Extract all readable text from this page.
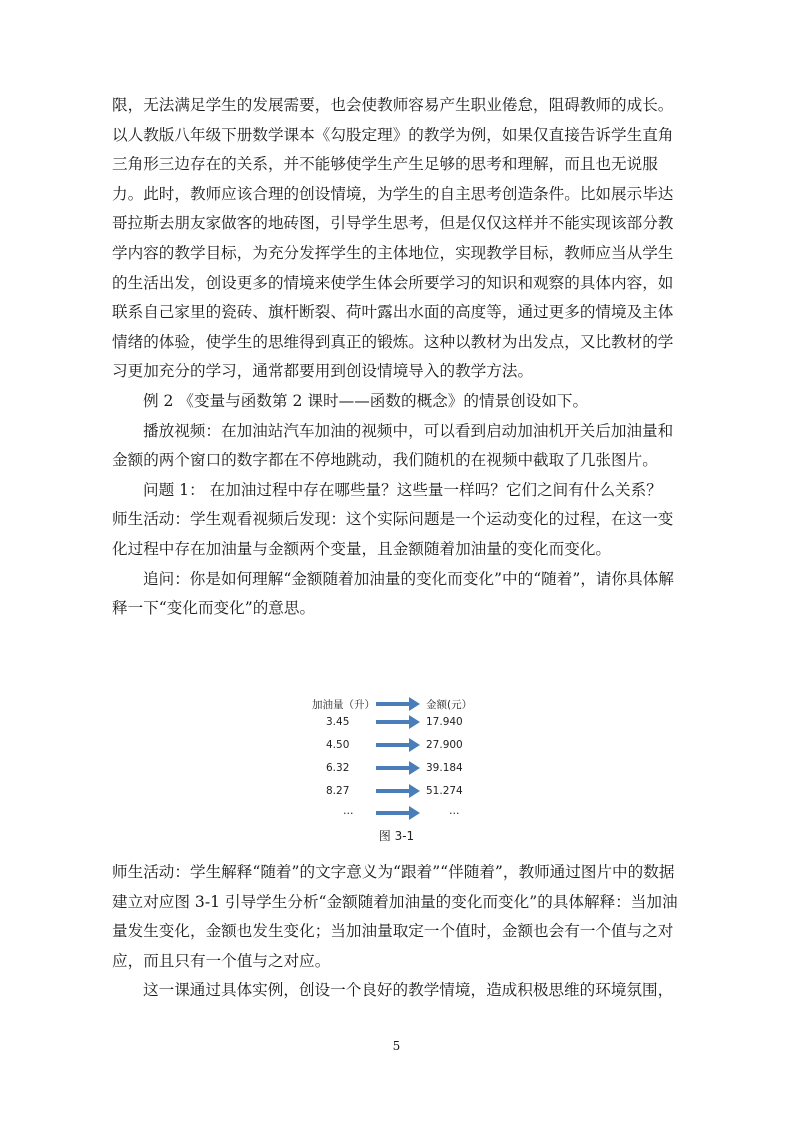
限，无法满足学生的发展需要，也会使教师容易产生职业倦怠，阻碍教师的成长。以人教版八年级下册数学课本《勾股定理》的教学为例，如果仅直接告诉学生直角三角形三边存在的关系，并不能够使学生产生足够的思考和理解，而且也无说服力。此时，教师应该合理的创设情境，为学生的自主思考创造条件。比如展示毕达哥拉斯去朋友家做客的地砖图，引导学生思考，但是仅仅这样并不能实现该部分教学内容的教学目标，为充分发挥学生的主体地位，实现教学目标，教师应当从学生的生活出发，创设更多的情境来使学生体会所要学习的知识和观察的具体内容，如联系自己家里的瓷砖、旗杆断裂、荷叶露出水面的高度等，通过更多的情境及主体情绪的体验，使学生的思维得到真正的锻炼。这种以教材为出发点，又比教材的学习更加充分的学习，通常都要用到创设情境导入的教学方法。

例 2 《变量与函数第 2 课时——函数的概念》的情景创设如下。

播放视频：在加油站汽车加油的视频中，可以看到启动加油机开关后加油量和金额的两个窗口的数字都在不停地跳动，我们随机的在视频中截取了几张图片。

问题 1： 在加油过程中存在哪些量？这些量一样吗？它们之间有什么关系？

师生活动：学生观看视频后发现：这个实际问题是一个运动变化的过程，在这一变化过程中存在加油量与金额两个变量，且金额随着加油量的变化而变化。

追问：你是如何理解“金额随着加油量的变化而变化”中的“随着”，请你具体解释一下“变化而变化”的意思。

加油量（升）	金额(元）
3.45	17.940
4.50	27.900
6.32	39.184
8.27	51.274
…	…
图 3-1

师生活动：学生解释“随着”的文字意义为“跟着”“伴随着”，教师通过图片中的数据建立对应图 3-1 引导学生分析“金额随着加油量的变化而变化”的具体解释：当加油量发生变化，金额也发生变化；当加油量取定一个值时，金额也会有一个值与之对应，而且只有一个值与之对应。

这一课通过具体实例，创设一个良好的教学情境，造成积极思维的环境氛围，

5
